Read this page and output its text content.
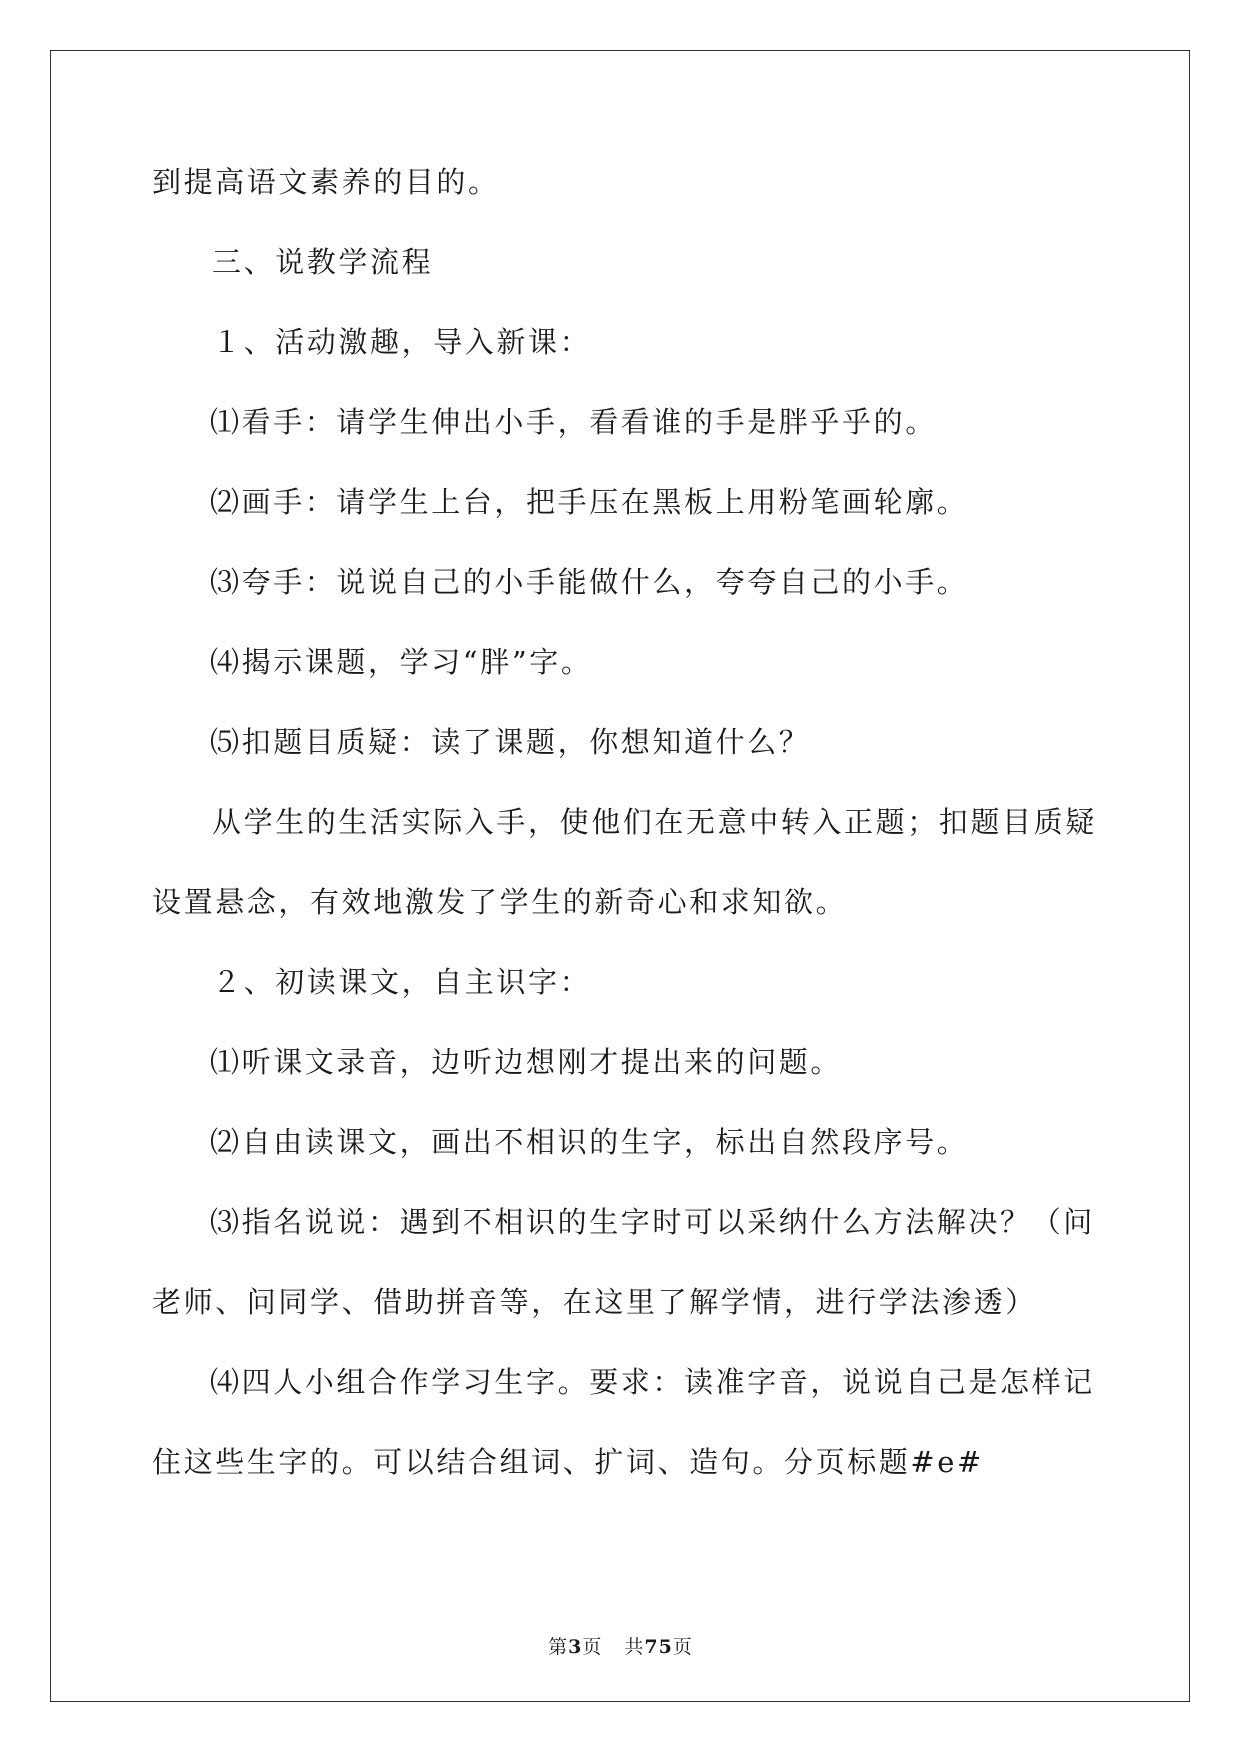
到提高语文素养的目的。
三、说教学流程
１、活动激趣，导入新课：
⑴看手：请学生伸出小手，看看谁的手是胖乎乎的。
⑵画手：请学生上台，把手压在黑板上用粉笔画轮廓。
⑶夸手：说说自己的小手能做什么，夸夸自己的小手。
⑷揭示课题，学习“胖”字。
⑸扣题目质疑：读了课题，你想知道什么？
从学生的生活实际入手，使他们在无意中转入正题；扣题目质疑
设置悬念，有效地激发了学生的新奇心和求知欲。
２、初读课文，自主识字：
⑴听课文录音，边听边想刚才提出来的问题。
⑵自由读课文，画出不相识的生字，标出自然段序号。
⑶指名说说：遇到不相识的生字时可以采纳什么方法解决？（问
老师、问同学、借助拼音等，在这里了解学情，进行学法渗透）
⑷四人小组合作学习生字。要求：读准字音，说说自己是怎样记
住这些生字的。可以结合组词、扩词、造句。分页标题#e#
第3页 共75页
